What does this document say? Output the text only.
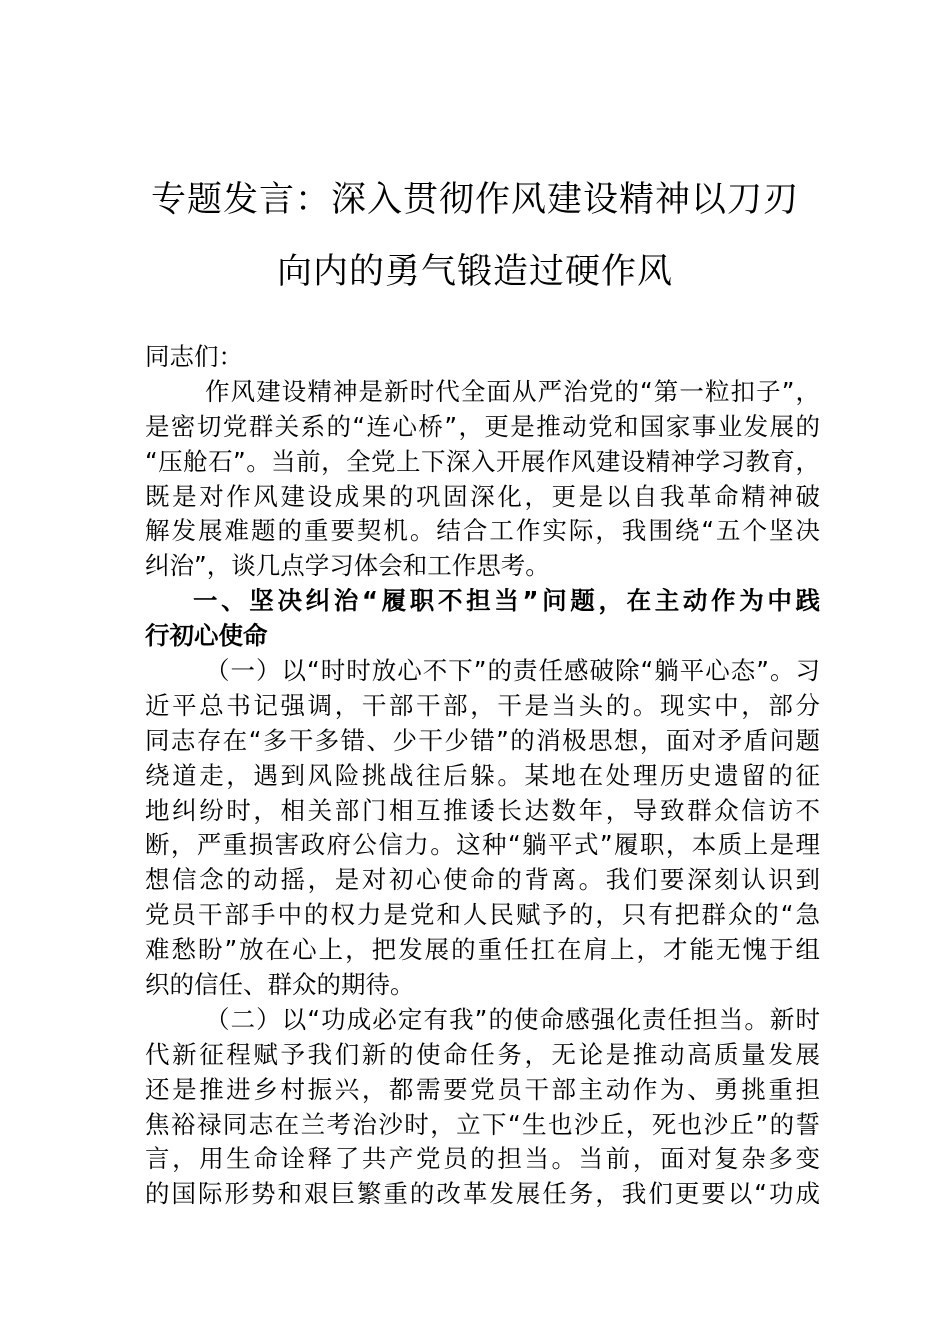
专题发言：深入贯彻作风建设精神以刀刃
向内的勇气锻造过硬作风
同志们：
作风建设精神是新时代全面从严治党的“第一粒扣子”，
是密切党群关系的“连心桥”，更是推动党和国家事业发展的
“压舱石”。当前，全党上下深入开展作风建设精神学习教育，
既是对作风建设成果的巩固深化，更是以自我革命精神破
解发展难题的重要契机。结合工作实际，我围绕“五个坚决
纠治”，谈几点学习体会和工作思考。
一、坚决纠治“履职不担当”问题，在主动作为中践
行初心使命
（一）以“时时放心不下”的责任感破除“躺平心态”。习
近平总书记强调，干部干部，干是当头的。现实中，部分
同志存在“多干多错、少干少错”的消极思想，面对矛盾问题
绕道走，遇到风险挑战往后躲。某地在处理历史遗留的征
地纠纷时，相关部门相互推诿长达数年，导致群众信访不
断，严重损害政府公信力。这种“躺平式”履职，本质上是理
想信念的动摇，是对初心使命的背离。我们要深刻认识到
党员干部手中的权力是党和人民赋予的，只有把群众的“急
难愁盼”放在心上，把发展的重任扛在肩上，才能无愧于组
织的信任、群众的期待。
（二）以“功成必定有我”的使命感强化责任担当。新时
代新征程赋予我们新的使命任务，无论是推动高质量发展
还是推进乡村振兴，都需要党员干部主动作为、勇挑重担
焦裕禄同志在兰考治沙时，立下“生也沙丘，死也沙丘”的誓
言，用生命诠释了共产党员的担当。当前，面对复杂多变
的国际形势和艰巨繁重的改革发展任务，我们更要以“功成
